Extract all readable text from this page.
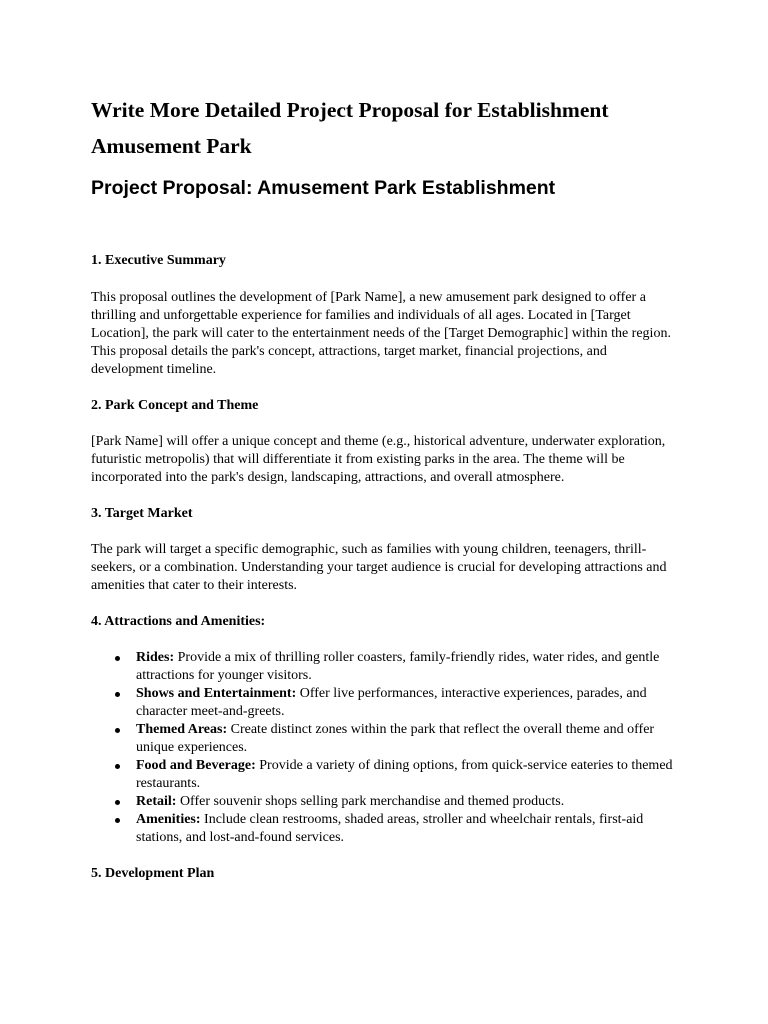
Write More Detailed Project Proposal for Establishment Amusement Park
Project Proposal: Amusement Park Establishment
1. Executive Summary

This proposal outlines the development of [Park Name], a new amusement park designed to offer a thrilling and unforgettable experience for families and individuals of all ages. Located in [Target Location], the park will cater to the entertainment needs of the [Target Demographic] within the region. This proposal details the park's concept, attractions, target market, financial projections, and development timeline.

2. Park Concept and Theme

[Park Name] will offer a unique concept and theme (e.g., historical adventure, underwater exploration, futuristic metropolis) that will differentiate it from existing parks in the area. The theme will be incorporated into the park's design, landscaping, attractions, and overall atmosphere.

3. Target Market

The park will target a specific demographic, such as families with young children, teenagers, thrill-seekers, or a combination. Understanding your target audience is crucial for developing attractions and amenities that cater to their interests.

4. Attractions and Amenities:
Rides: Provide a mix of thrilling roller coasters, family-friendly rides, water rides, and gentle attractions for younger visitors.
Shows and Entertainment: Offer live performances, interactive experiences, parades, and character meet-and-greets.
Themed Areas: Create distinct zones within the park that reflect the overall theme and offer unique experiences.
Food and Beverage: Provide a variety of dining options, from quick-service eateries to themed restaurants.
Retail: Offer souvenir shops selling park merchandise and themed products.
Amenities: Include clean restrooms, shaded areas, stroller and wheelchair rentals, first-aid stations, and lost-and-found services.
5. Development Plan
